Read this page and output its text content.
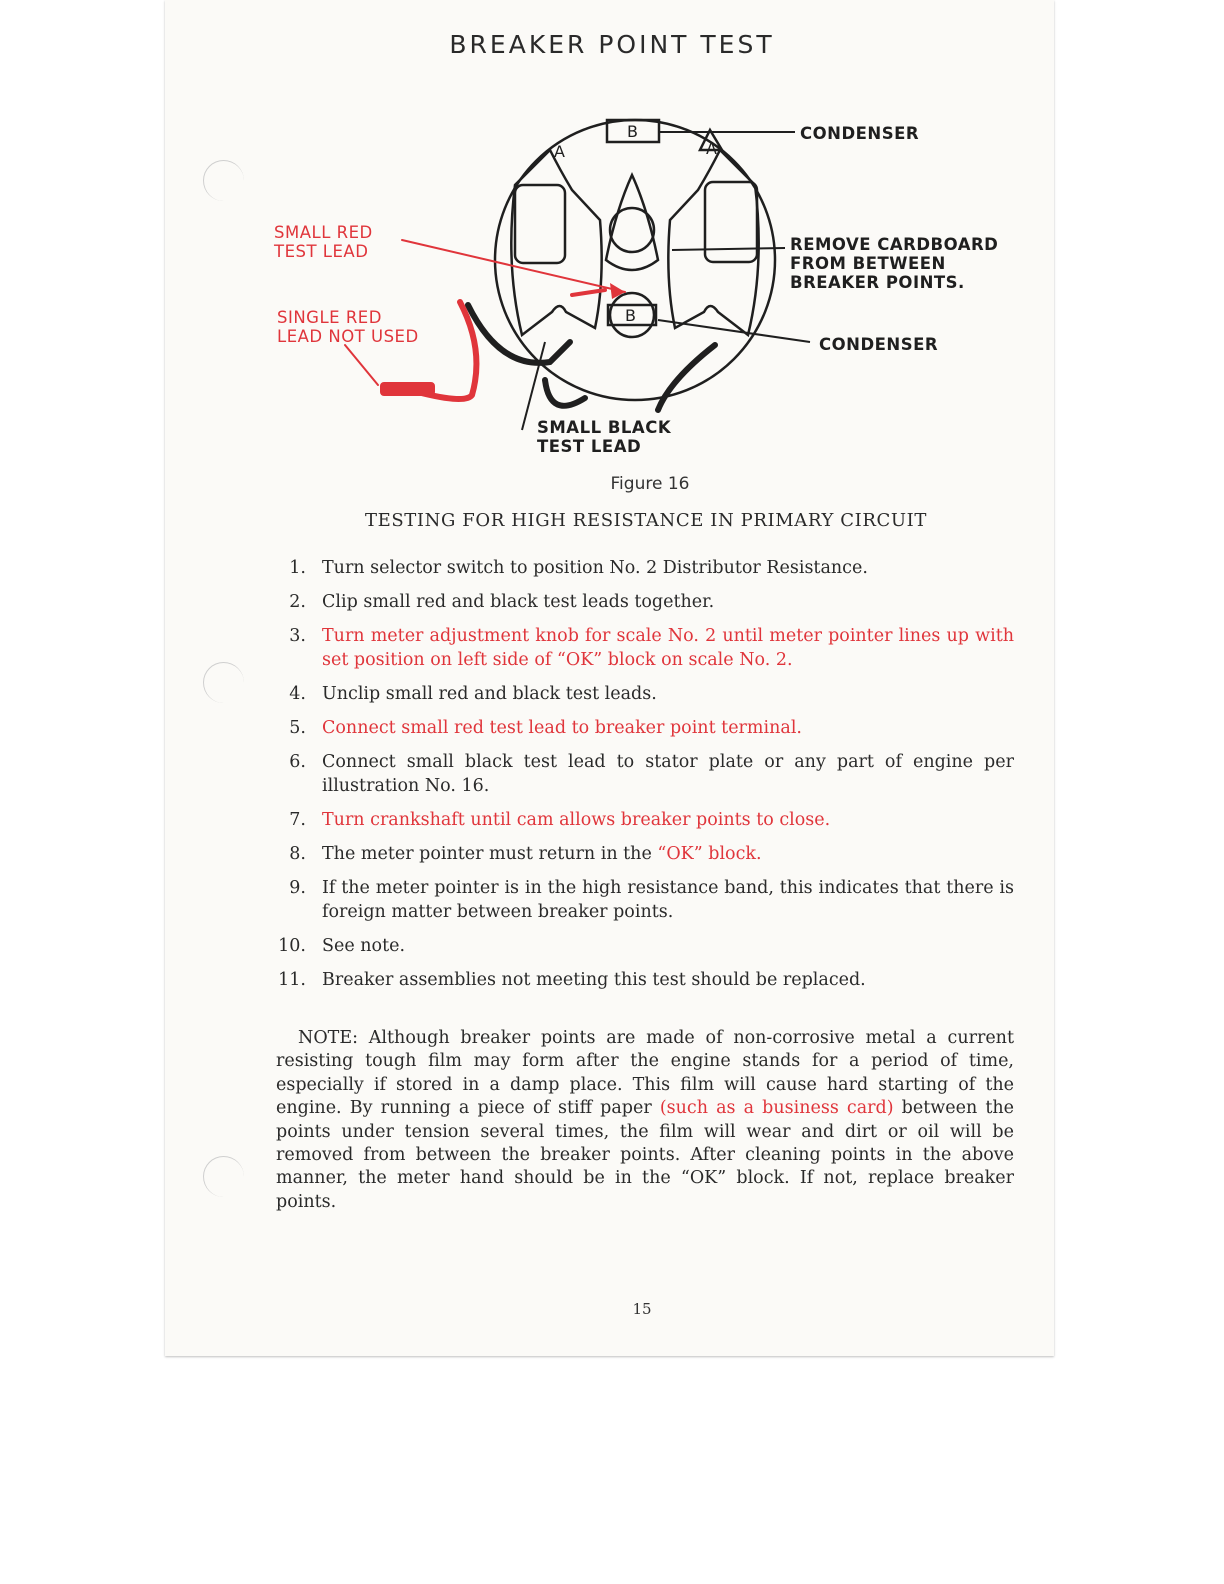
BREAKER POINT TEST
A	A
B
B
CONDENSER
REMOVE CARDBOARD
FROM BETWEEN
BREAKER POINTS.
CONDENSER
SMALL BLACK
TEST LEAD
SMALL RED
TEST LEAD
SINGLE RED
LEAD NOT USED
Figure 16
TESTING FOR HIGH RESISTANCE IN PRIMARY CIRCUIT
1. Turn selector switch to position No. 2 Distributor Resistance.
2. Clip small red and black test leads together.
3. Turn meter adjustment knob for scale No. 2 until meter pointer lines up with set position on left side of “OK” block on scale No. 2.
4. Unclip small red and black test leads.
5. Connect small red test lead to breaker point terminal.
6. Connect small black test lead to stator plate or any part of engine per illustration No. 16.
7. Turn crankshaft until cam allows breaker points to close.
8. The meter pointer must return in the “OK” block.
9. If the meter pointer is in the high resistance band, this indicates that there is foreign matter between breaker points.
10. See note.
11. Breaker assemblies not meeting this test should be replaced.

NOTE: Although breaker points are made of non-corrosive metal a current resisting tough film may form after the engine stands for a period of time, especially if stored in a damp place. This film will cause hard starting of the engine. By running a piece of stiff paper (such as a business card) between the points under tension several times, the film will wear and dirt or oil will be removed from between the breaker points. After cleaning points in the above manner, the meter hand should be in the “OK” block. If not, replace breaker points.

15
